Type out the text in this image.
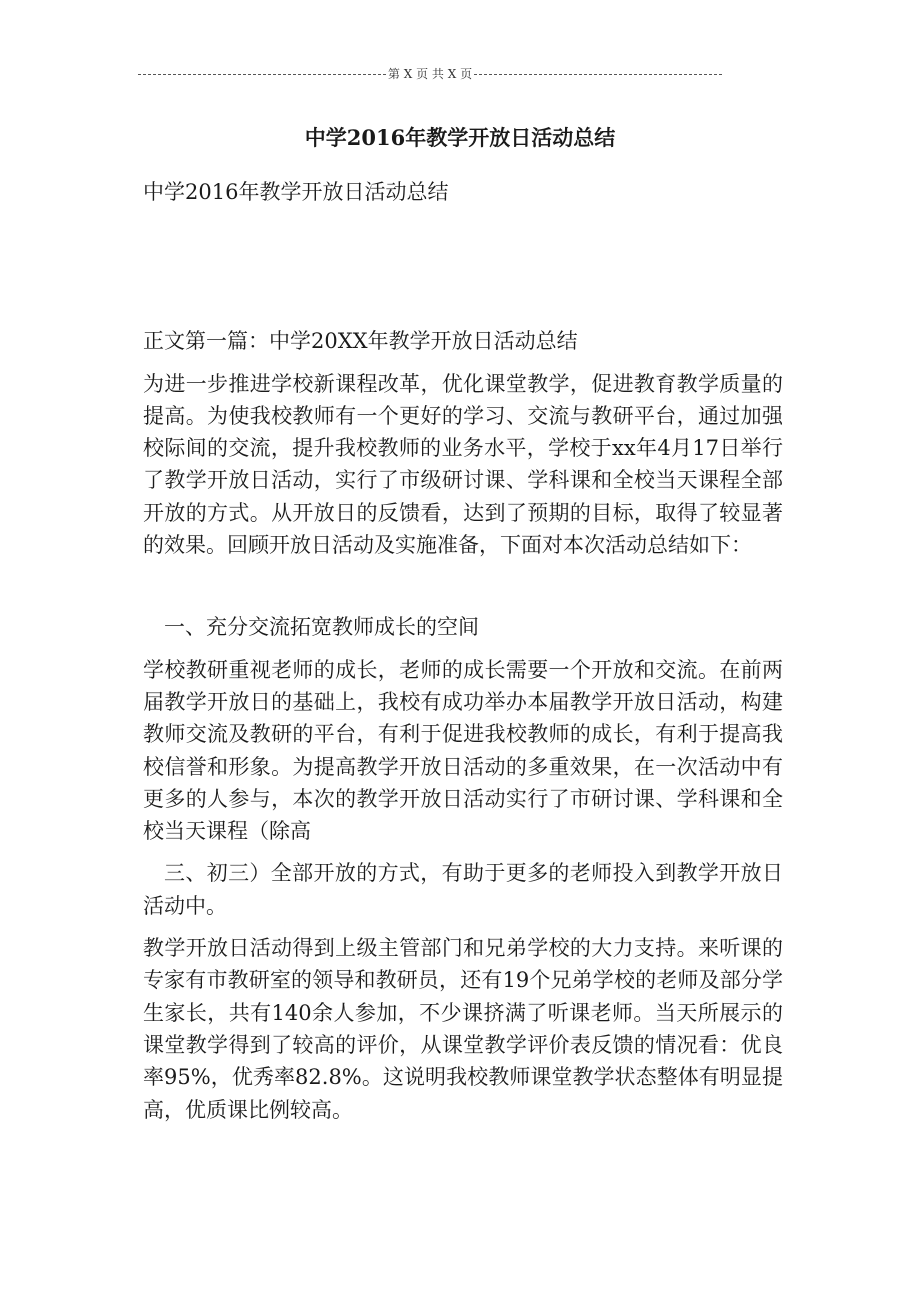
第 X 页 共 X 页
中学2016年教学开放日活动总结

中学2016年教学开放日活动总结

正文第一篇：中学20XX年教学开放日活动总结

为进一步推进学校新课程改革，优化课堂教学，促进教育教学质量的提高。为使我校教师有一个更好的学习、交流与教研平台，通过加强校际间的交流，提升我校教师的业务水平，学校于xx年4月17日举行了教学开放日活动，实行了市级研讨课、学科课和全校当天课程全部开放的方式。从开放日的反馈看，达到了预期的目标，取得了较显著的效果。回顾开放日活动及实施准备，下面对本次活动总结如下：

一、充分交流拓宽教师成长的空间

学校教研重视老师的成长，老师的成长需要一个开放和交流。在前两届教学开放日的基础上，我校有成功举办本届教学开放日活动，构建教师交流及教研的平台，有利于促进我校教师的成长，有利于提高我校信誉和形象。为提高教学开放日活动的多重效果，在一次活动中有更多的人参与，本次的教学开放日活动实行了市研讨课、学科课和全校当天课程（除高

三、初三）全部开放的方式，有助于更多的老师投入到教学开放日活动中。

教学开放日活动得到上级主管部门和兄弟学校的大力支持。来听课的专家有市教研室的领导和教研员，还有19个兄弟学校的老师及部分学生家长，共有140余人参加，不少课挤满了听课老师。当天所展示的课堂教学得到了较高的评价，从课堂教学评价表反馈的情况看：优良率95%，优秀率82.8%。这说明我校教师课堂教学状态整体有明显提高，优质课比例较高。
